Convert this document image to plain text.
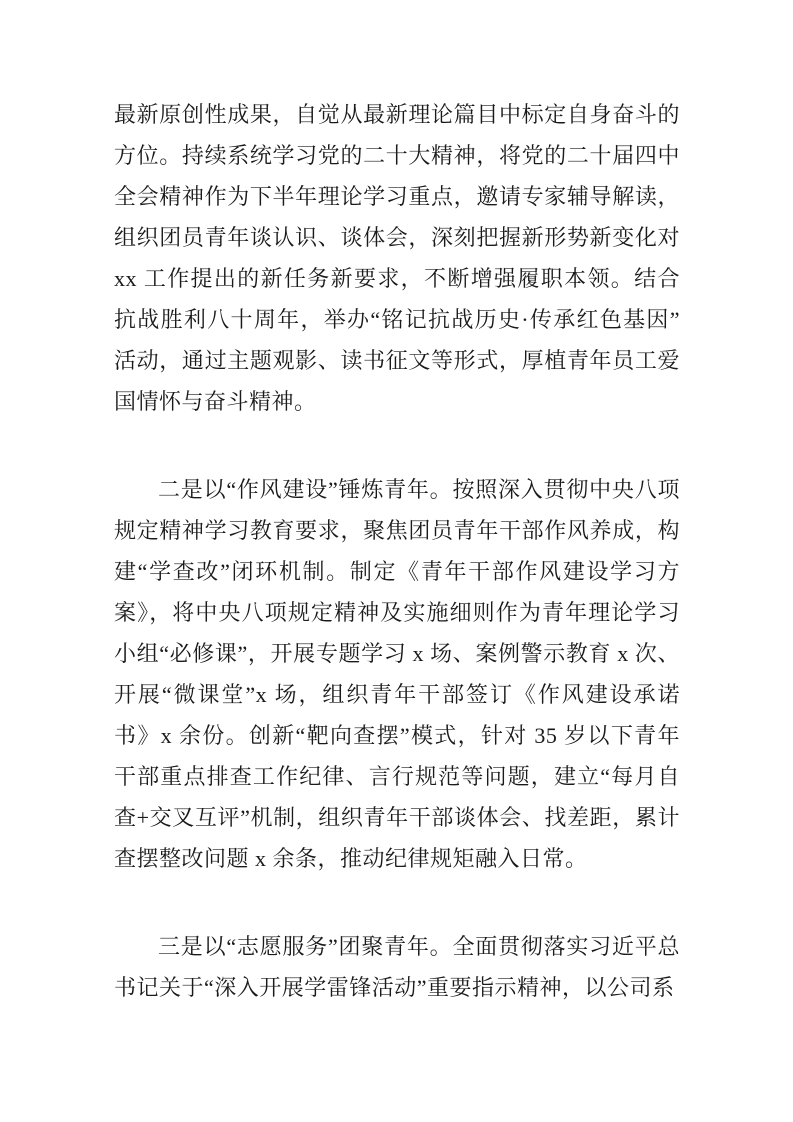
最新原创性成果，自觉从最新理论篇目中标定自身奋斗的方位。持续系统学习党的二十大精神，将党的二十届四中全会精神作为下半年理论学习重点，邀请专家辅导解读，组织团员青年谈认识、谈体会，深刻把握新形势新变化对 xx 工作提出的新任务新要求，不断增强履职本领。结合抗战胜利八十周年，举办“铭记抗战历史·传承红色基因”活动，通过主题观影、读书征文等形式，厚植青年员工爱国情怀与奋斗精神。

二是以“作风建设”锤炼青年。按照深入贯彻中央八项规定精神学习教育要求，聚焦团员青年干部作风养成，构建“学查改”闭环机制。制定《青年干部作风建设学习方案》，将中央八项规定精神及实施细则作为青年理论学习小组“必修课”，开展专题学习 x 场、案例警示教育 x 次、开展“微课堂”x 场，组织青年干部签订《作风建设承诺书》x 余份。创新“靶向查摆”模式，针对 35 岁以下青年干部重点排查工作纪律、言行规范等问题，建立“每月自查+交叉互评”机制，组织青年干部谈体会、找差距，累计查摆整改问题 x 余条，推动纪律规矩融入日常。

三是以“志愿服务”团聚青年。全面贯彻落实习近平总书记关于“深入开展学雷锋活动”重要指示精神，以公司系
